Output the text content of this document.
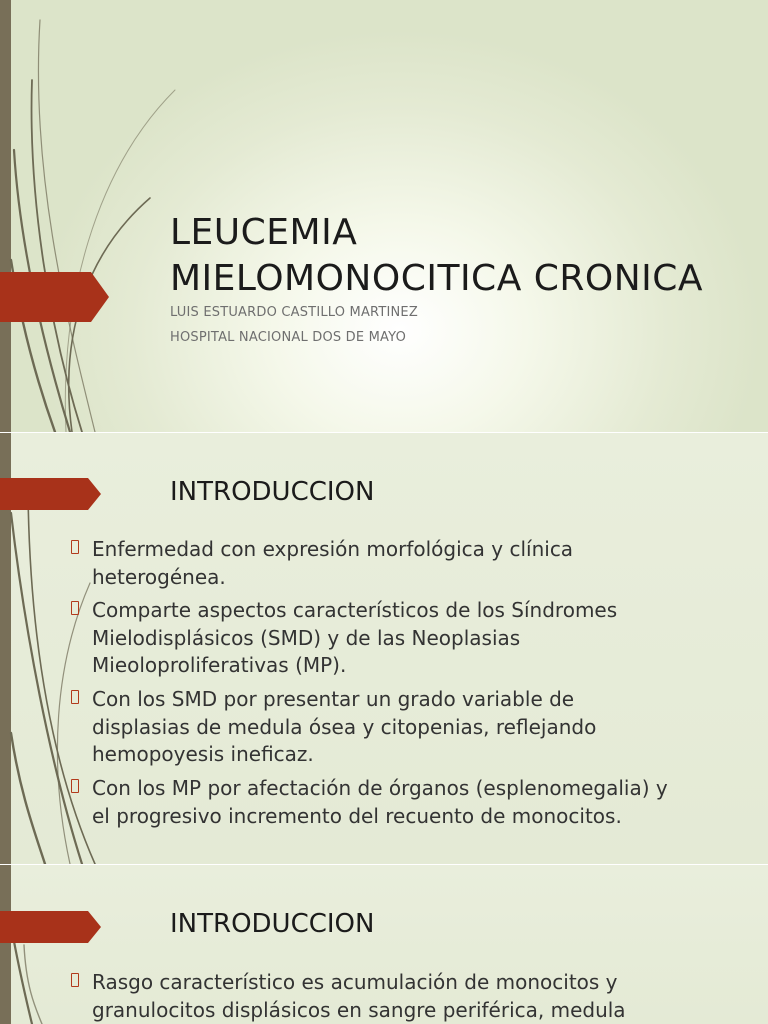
LEUCEMIA
MIELOMONOCITICA CRONICA

LUIS ESTUARDO CASTILLO MARTINEZ

HOSPITAL NACIONAL DOS DE MAYO

INTRODUCCION
Enfermedad con expresión morfológica y clínica
heterogénea.
Comparte aspectos característicos de los Síndromes
Mielodisplásicos (SMD) y de las Neoplasias
Mieoloproliferativas (MP).
Con los SMD por presentar un grado variable de
displasias de medula ósea y citopenias, reflejando
hemopoyesis ineficaz.
Con los MP por afectación de órganos (esplenomegalia) y
el progresivo incremento del recuento de monocitos.
INTRODUCCION
Rasgo característico es acumulación de monocitos y
granulocitos displásicos en sangre periférica, medula
